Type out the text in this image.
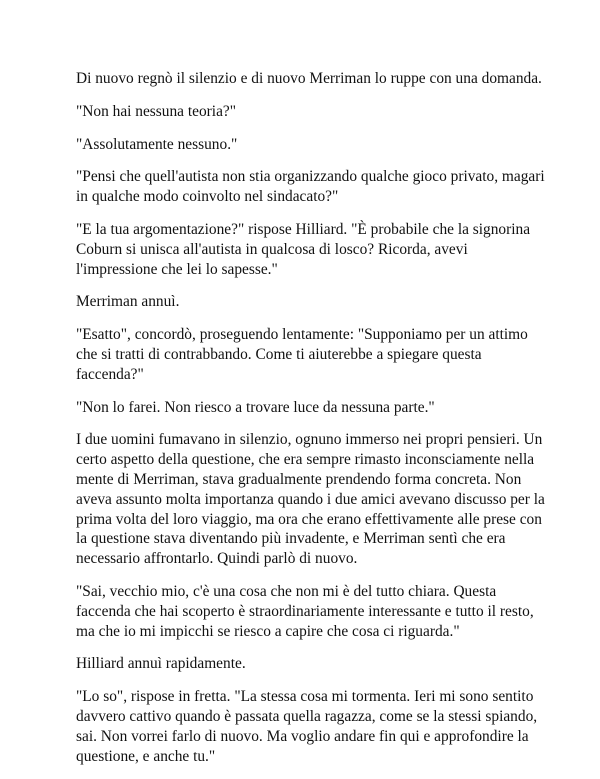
Di nuovo regnò il silenzio e di nuovo Merriman lo ruppe con una domanda.

"Non hai nessuna teoria?"

"Assolutamente nessuno."

"Pensi che quell'autista non stia organizzando qualche gioco privato, magari in qualche modo coinvolto nel sindacato?"

"E la tua argomentazione?" rispose Hilliard. "È probabile che la signorina Coburn si unisca all'autista in qualcosa di losco? Ricorda, avevi l'impressione che lei lo sapesse."

Merriman annuì.

"Esatto", concordò, proseguendo lentamente: "Supponiamo per un attimo che si tratti di contrabbando. Come ti aiuterebbe a spiegare questa faccenda?"

"Non lo farei. Non riesco a trovare luce da nessuna parte."

I due uomini fumavano in silenzio, ognuno immerso nei propri pensieri. Un certo aspetto della questione, che era sempre rimasto inconsciamente nella mente di Merriman, stava gradualmente prendendo forma concreta. Non aveva assunto molta importanza quando i due amici avevano discusso per la prima volta del loro viaggio, ma ora che erano effettivamente alle prese con la questione stava diventando più invadente, e Merriman sentì che era necessario affrontarlo. Quindi parlò di nuovo.

"Sai, vecchio mio, c'è una cosa che non mi è del tutto chiara. Questa faccenda che hai scoperto è straordinariamente interessante e tutto il resto, ma che io mi impicchi se riesco a capire che cosa ci riguarda."

Hilliard annuì rapidamente.

"Lo so", rispose in fretta. "La stessa cosa mi tormenta. Ieri mi sono sentito davvero cattivo quando è passata quella ragazza, come se la stessi spiando, sai. Non vorrei farlo di nuovo. Ma voglio andare fin qui e approfondire la questione, e anche tu."
